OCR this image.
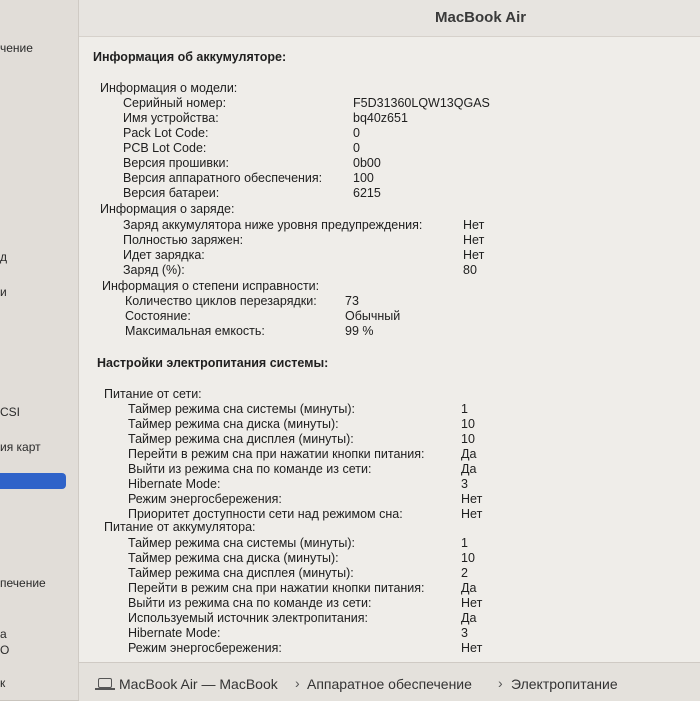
чение
д
и
CSI
ия карт
печение
а
О
к
MacBook Air
Информация об аккумуляторе:
Информация о модели:
Серийный номер:	F5D31360LQW13QGAS
Имя устройства:	bq40z651
Pack Lot Code:	0
PCB Lot Code:	0
Версия прошивки:	0b00
Версия аппаратного обеспечения: 100
Версия батареи:	6215
Информация о заряде:
Заряд аккумулятора ниже уровня предупреждения:	Нет
Полностью заряжен:	Нет
Идет зарядка:	Нет
Заряд (%):	80
Информация о степени исправности:
Количество циклов перезарядки: 73
Состояние:	Обычный
Максимальная емкость:	99 %
Настройки электропитания системы:
Питание от сети:
Таймер режима сна системы (минуты):	1
Таймер режима сна диска (минуты):	10
Таймер режима сна дисплея (минуты):	10
Перейти в режим сна при нажатии кнопки питания:	Да
Выйти из режима сна по команде из сети:	Да
Hibernate Mode:	3
Режим энергосбережения:	Нет
Приоритет доступности сети над режимом сна:	Нет
Питание от аккумулятора:
Таймер режима сна системы (минуты):	1
Таймер режима сна диска (минуты):	10
Таймер режима сна дисплея (минуты):	2
Перейти в режим сна при нажатии кнопки питания:	Да
Выйти из режима сна по команде из сети:	Нет
Используемый источник электропитания:	Да
Hibernate Mode:	3
Режим энергосбережения:	Нет
MacBook Air — MacBook › Аппаратное обеспечение › Электропитание
